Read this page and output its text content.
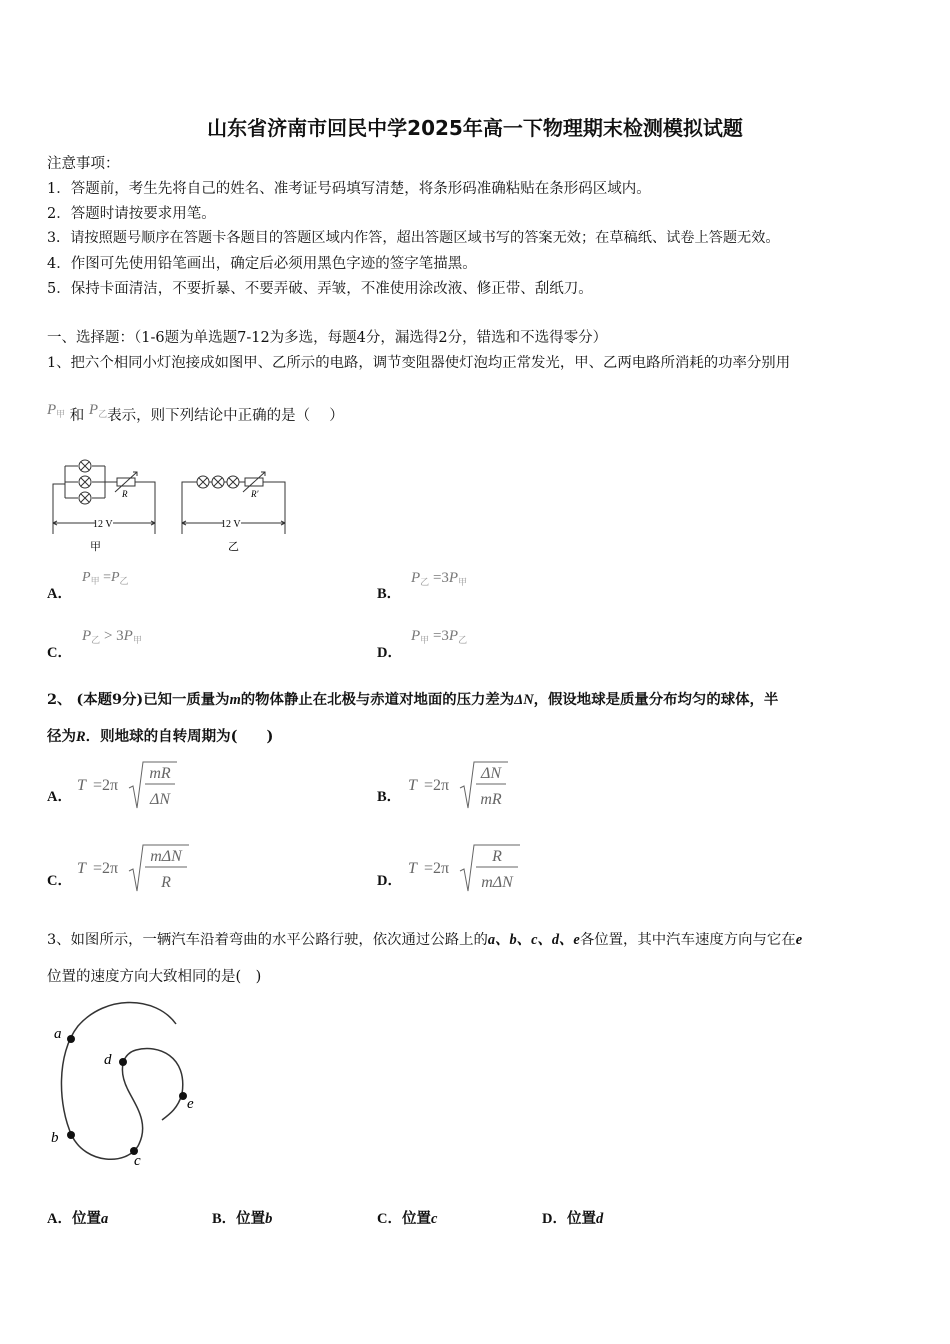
山东省济南市回民中学2025年高一下物理期末检测模拟试题
注意事项：
1．答题前，考生先将自己的姓名、准考证号码填写清楚，将条形码准确粘贴在条形码区域内。
2．答题时请按要求用笔。
3．请按照题号顺序在答题卡各题目的答题区域内作答，超出答题区域书写的答案无效；在草稿纸、试卷上答题无效。
4．作图可先使用铅笔画出，确定后必须用黑色字迹的签字笔描黑。
5．保持卡面清洁，不要折暴、不要弄破、弄皱，不准使用涂改液、修正带、刮纸刀。
一、选择题：（1-6题为单选题7-12为多选，每题4分，漏选得2分，错选和不选得零分）
1、把六个相同小灯泡接成如图甲、乙所示的电路，调节变阻器使灯泡均正常发光，甲、乙两电路所消耗的功率分别用
$P_甲$ 和 $P_乙$表示，则下列结论中正确的是（　 ）
R	R′
12 V	12 V
甲	乙
A．
$P_甲 =P_乙$
B．
$P_乙 =3P_甲$
C．
$P_乙 > 3P_甲$
D．
$P_甲 =3P_乙$
2、 (本题9分)已知一质量为m的物体静止在北极与赤道对地面的压力差为ΔN，假设地球是质量分布均匀的球体，半
径为R．则地球的自转周期为(　　)
A．
T =2π
mR
ΔN	B．
T =2π
ΔN
mR
C．
T =2π
mΔN
R	D．
T =2π
R
mΔN
3、如图所示，一辆汽车沿着弯曲的水平公路行驶，依次通过公路上的a、b、c、d、e各位置，其中汽车速度方向与它在e
位置的速度方向大致相同的是(　)
a
b
c
d
e
A．位置a	B．位置b	C．位置c	D．位置d
